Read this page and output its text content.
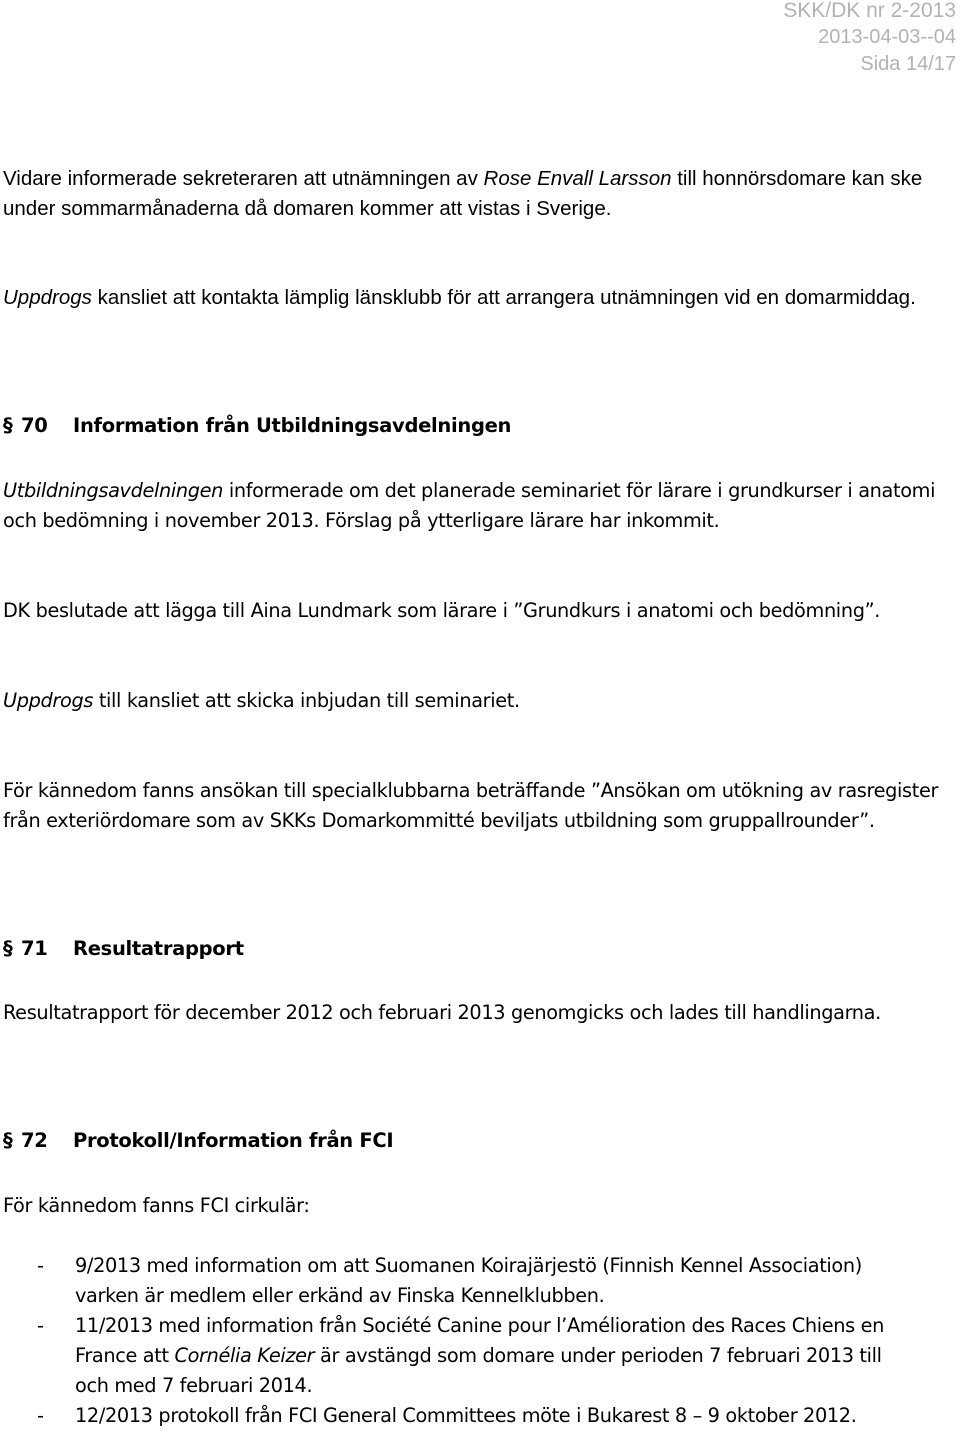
SKK/DK nr 2-2013
2013-04-03--04
Sida 14/17

Vidare informerade sekreteraren att utnämningen av Rose Envall Larsson till honnörsdomare kan ske under sommarmånaderna då domaren kommer att vistas i Sverige.

Uppdrogs kansliet att kontakta lämplig länsklubb för att arrangera utnämningen vid en domarmiddag.

§ 70 Information från Utbildningsavdelningen

Utbildningsavdelningen informerade om det planerade seminariet för lärare i grundkurser i anatomi och bedömning i november 2013. Förslag på ytterligare lärare har inkommit.

DK beslutade att lägga till Aina Lundmark som lärare i ”Grundkurs i anatomi och bedömning”.

Uppdrogs till kansliet att skicka inbjudan till seminariet.

För kännedom fanns ansökan till specialklubbarna beträffande ”Ansökan om utökning av rasregister från exteriördomare som av SKKs Domarkommitté beviljats utbildning som gruppallrounder”.

§ 71 Resultatrapport

Resultatrapport för december 2012 och februari 2013 genomgicks och lades till handlingarna.

§ 72 Protokoll/Information från FCI

För kännedom fanns FCI cirkulär:

- 9/2013 med information om att Suomanen Koirajärjestö (Finnish Kennel Association) varken är medlem eller erkänd av Finska Kennelklubben.
- 11/2013 med information från Société Canine pour l’Amélioration des Races Chiens en France att Cornélia Keizer är avstängd som domare under perioden 7 februari 2013 till och med 7 februari 2014.
- 12/2013 protokoll från FCI General Committees möte i Bukarest 8 – 9 oktober 2012.
